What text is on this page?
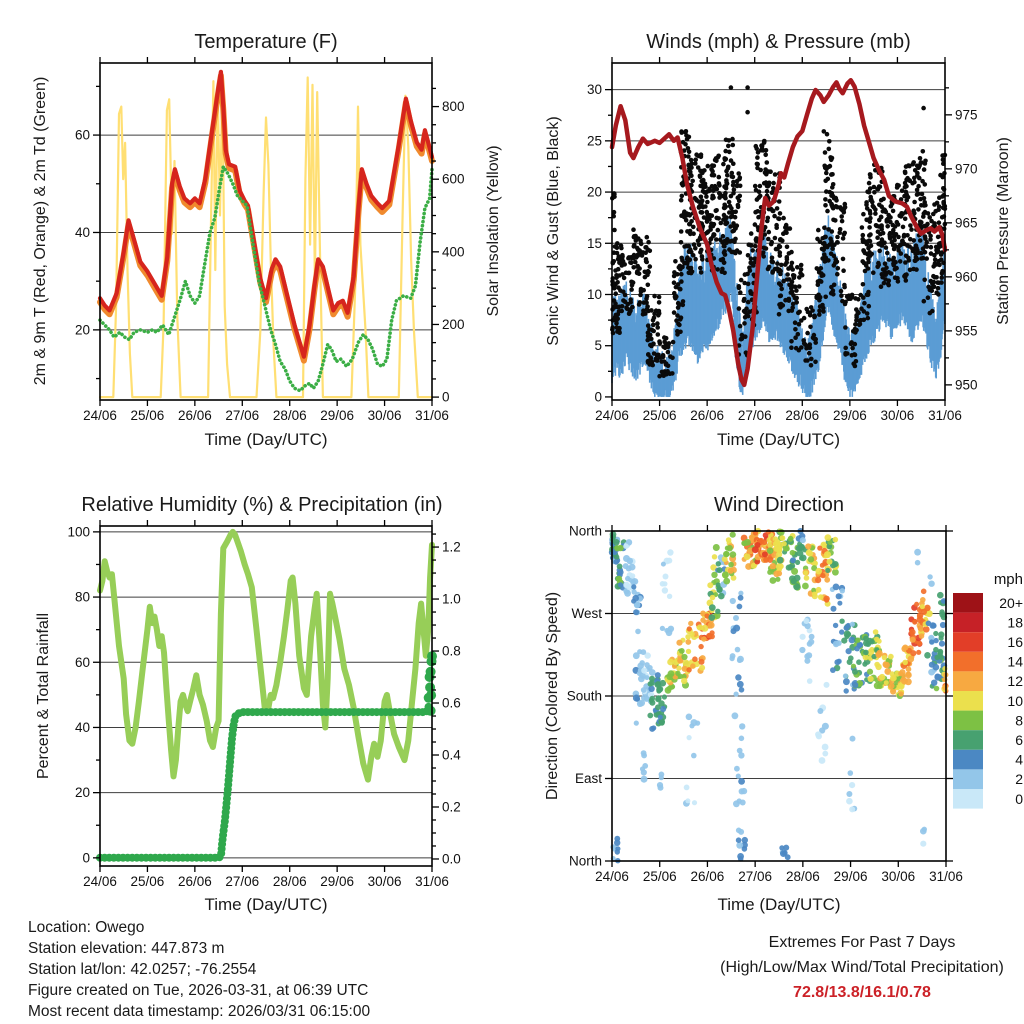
24/06 25/06 26/06 27/06 28/06 29/06 30/06 31/06
20
40
60
0
200
400
600
800
24/06 25/06 26/06 27/06 28/06 29/06 30/06 31/06
0
5
10
15
20
25
30
950
955
960
965
970
975
24/06 25/06 26/06 27/06 28/06 29/06 30/06 31/06
0
20
40
60
80
100
0.0
0.2
0.4
0.6
0.8
1.0
1.2
24/06 25/06 26/06 27/06 28/06 29/06 30/06 31/06
North
West
South
East
North
mph
20+
18
16
14
12
10
8
6
4
2
0
Temperature (F)	Winds (mph) & Pressure (mb)
Relative Humidity (%) & Precipitation (in)	Wind Direction
Time (Day/UTC)	Time (Day/UTC)
Time (Day/UTC)	Time (Day/UTC)
2m & 9m T (Red, Orange) & 2m Td (Green)	Solar Insolation (Yellow)	Sonic Wind & Gust (Blue, Black)	Station Pressure (Maroon)
Percent & Total Rainfall	Direction (Colored By Speed)
Location: Owego
Station elevation: 447.873 m
Station lat/lon: 42.0257; -76.2554
Figure created on Tue, 2026-03-31, at 06:39 UTC
Most recent data timestamp: 2026/03/31 06:15:00
Extremes For Past 7 Days
(High/Low/Max Wind/Total Precipitation)
72.8/13.8/16.1/0.78
